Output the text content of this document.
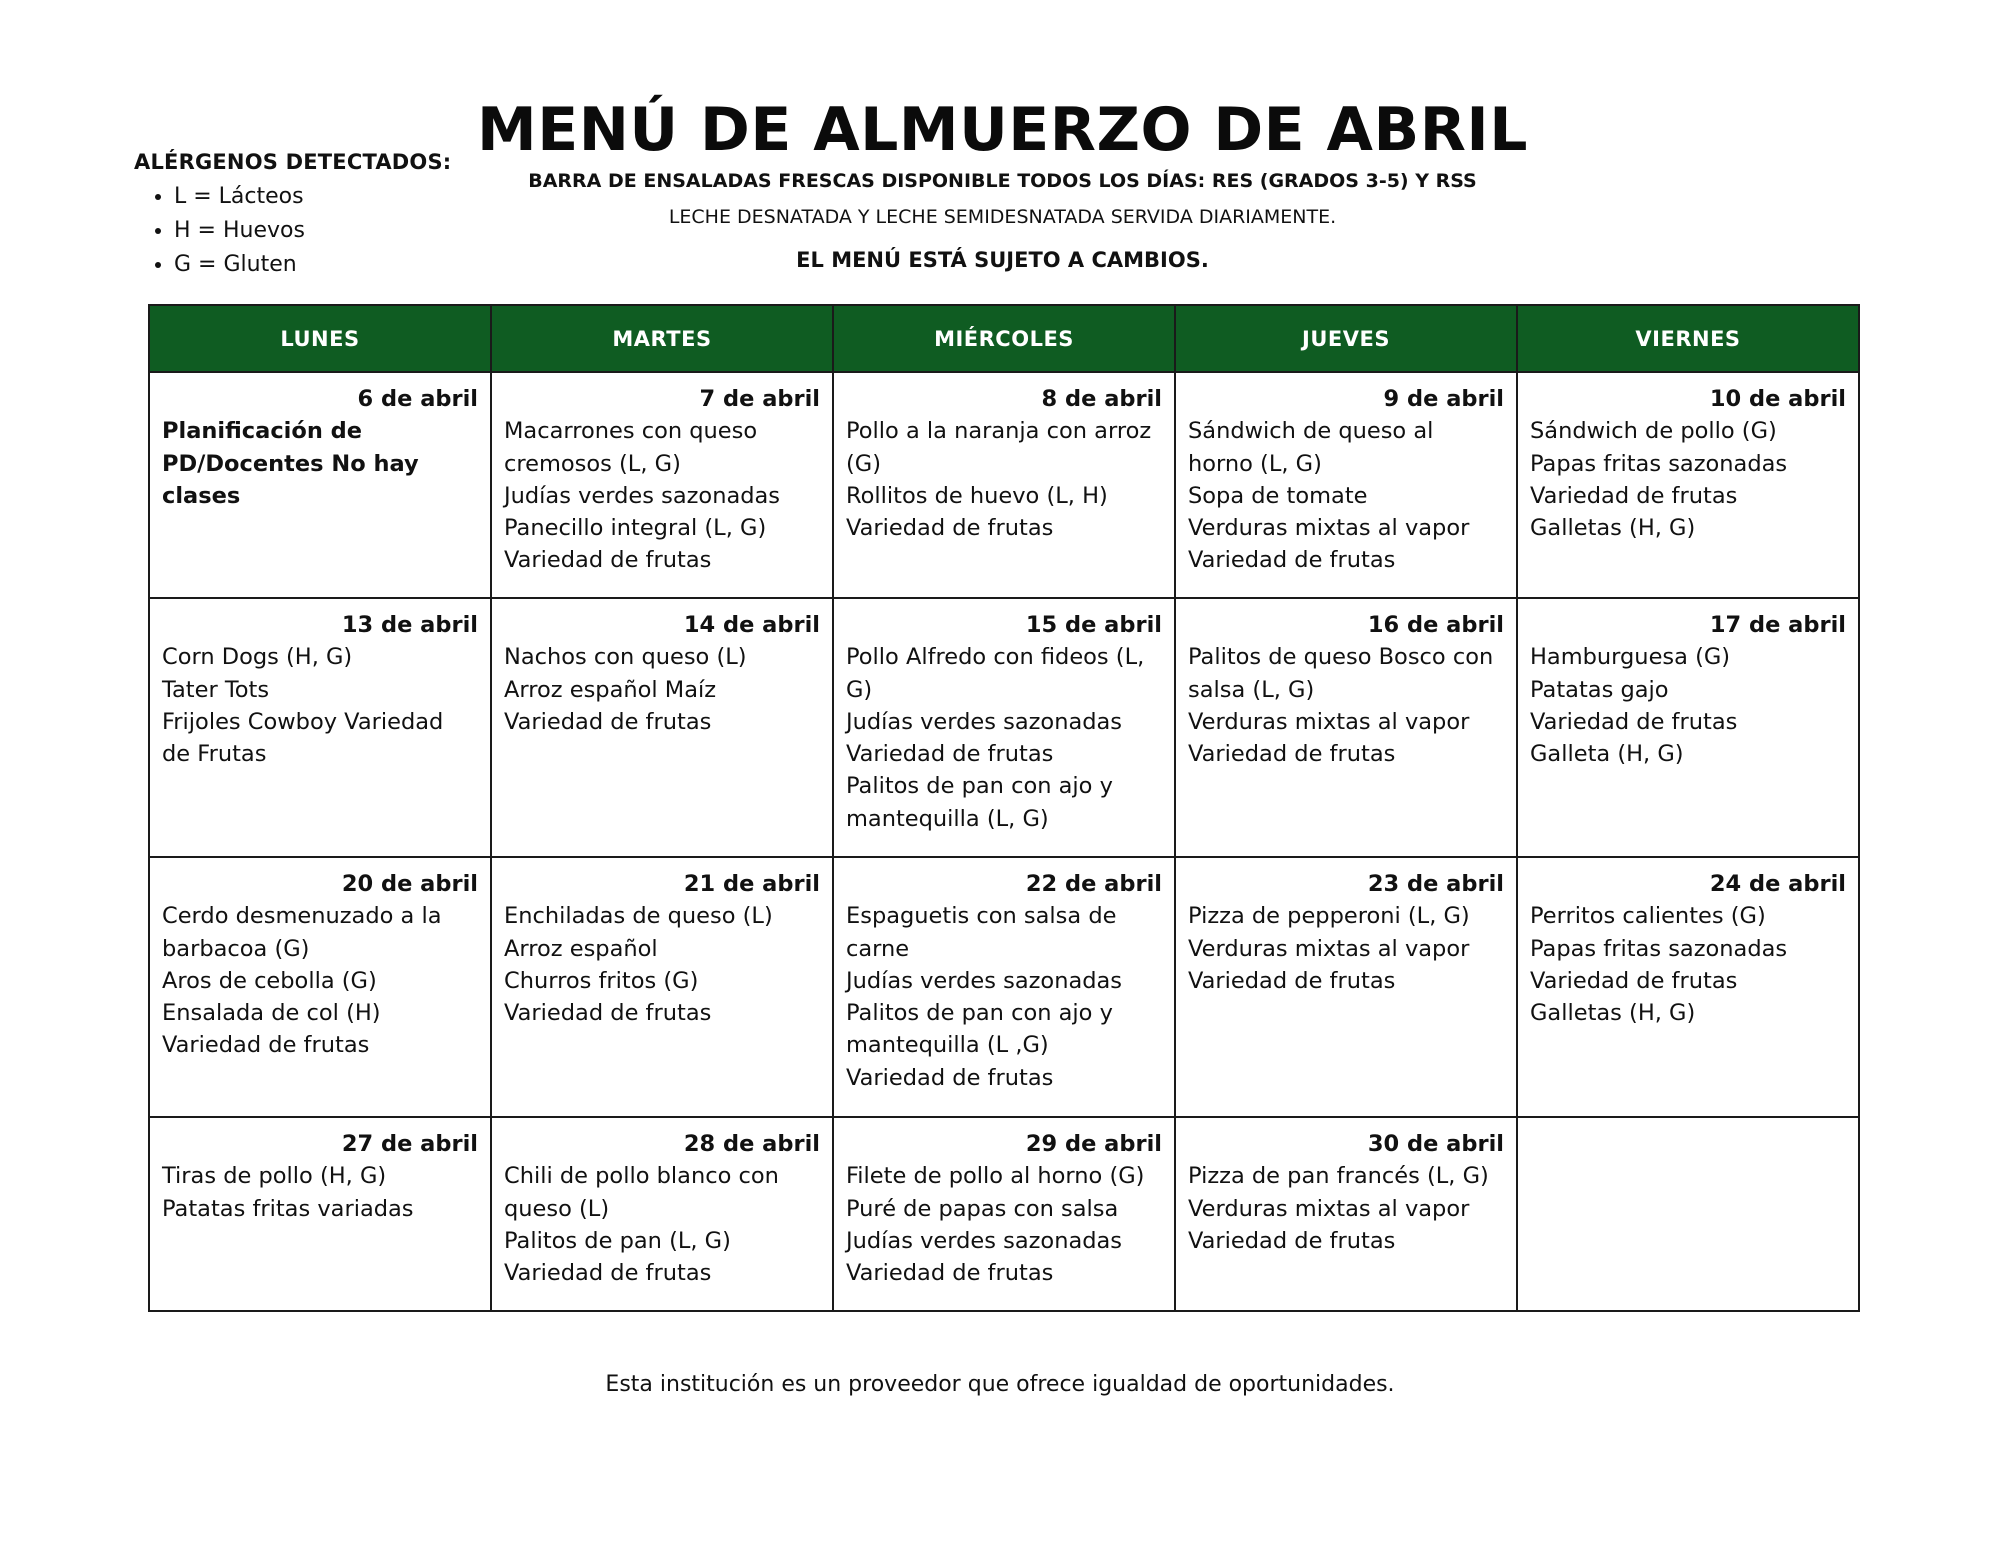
ALÉRGENOS DETECTADOS:
• L = Lácteos
• H = Huevos
• G = Gluten
MENÚ DE ALMUERZO DE ABRIL
BARRA DE ENSALADAS FRESCAS DISPONIBLE TODOS LOS DÍAS: RES (GRADOS 3-5) Y RSS
LECHE DESNATADA Y LECHE SEMIDESNATADA SERVIDA DIARIAMENTE.
EL MENÚ ESTÁ SUJETO A CAMBIOS.
LUNES	MARTES	MIÉRCOLES	JUEVES	VIERNES

6 de abril
Planificación de PD/Docentes No hay clases	7 de abril
Macarrones con queso cremosos (L, G)
Judías verdes sazonadas
Panecillo integral (L, G)
Variedad de frutas	8 de abril
Pollo a la naranja con arroz (G)
Rollitos de huevo (L, H)
Variedad de frutas	9 de abril
Sándwich de queso al horno (L, G)
Sopa de tomate
Verduras mixtas al vapor
Variedad de frutas	10 de abril
Sándwich de pollo (G)
Papas fritas sazonadas
Variedad de frutas
Galletas (H, G)

13 de abril
Corn Dogs (H, G)
Tater Tots
Frijoles Cowboy Variedad de Frutas	14 de abril
Nachos con queso (L)
Arroz español Maíz
Variedad de frutas	15 de abril
Pollo Alfredo con fideos (L, G)
Judías verdes sazonadas
Variedad de frutas
Palitos de pan con ajo y mantequilla (L, G)	16 de abril
Palitos de queso Bosco con salsa (L, G)
Verduras mixtas al vapor
Variedad de frutas	17 de abril
Hamburguesa (G)
Patatas gajo
Variedad de frutas
Galleta (H, G)

20 de abril
Cerdo desmenuzado a la barbacoa (G)
Aros de cebolla (G)
Ensalada de col (H)
Variedad de frutas	21 de abril
Enchiladas de queso (L)
Arroz español
Churros fritos (G)
Variedad de frutas	22 de abril
Espaguetis con salsa de carne
Judías verdes sazonadas
Palitos de pan con ajo y mantequilla (L ,G)
Variedad de frutas	23 de abril
Pizza de pepperoni (L, G)
Verduras mixtas al vapor
Variedad de frutas	24 de abril
Perritos calientes (G)
Papas fritas sazonadas
Variedad de frutas
Galletas (H, G)

27 de abril
Tiras de pollo (H, G)
Patatas fritas variadas	28 de abril
Chili de pollo blanco con queso (L)
Palitos de pan (L, G)
Variedad de frutas	29 de abril
Filete de pollo al horno (G)
Puré de papas con salsa
Judías verdes sazonadas
Variedad de frutas	30 de abril
Pizza de pan francés (L, G)
Verduras mixtas al vapor
Variedad de frutas	

Esta institución es un proveedor que ofrece igualdad de oportunidades.
